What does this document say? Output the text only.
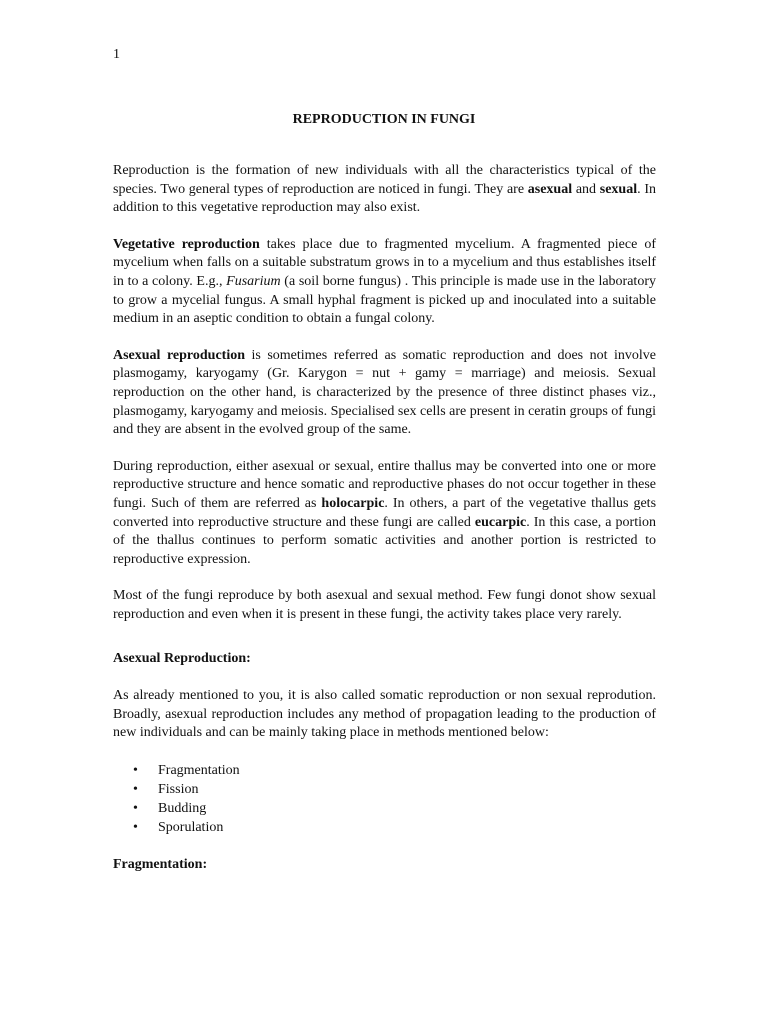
1
REPRODUCTION IN FUNGI

Reproduction is the formation of new individuals with all the characteristics typical of the species. Two general types of reproduction are noticed in fungi. They are asexual and sexual. In addition to this vegetative reproduction may also exist.

Vegetative reproduction takes place due to fragmented mycelium. A fragmented piece of mycelium when falls on a suitable substratum grows in to a mycelium and thus establishes itself in to a colony. E.g., Fusarium (a soil borne fungus) . This principle is made use in the laboratory to grow a mycelial fungus. A small hyphal fragment is picked up and inoculated into a suitable medium in an aseptic condition to obtain a fungal colony.

Asexual reproduction is sometimes referred as somatic reproduction and does not involve plasmogamy, karyogamy (Gr. Karygon = nut + gamy = marriage) and meiosis. Sexual reproduction on the other hand, is characterized by the presence of three distinct phases viz., plasmogamy, karyogamy and meiosis. Specialised sex cells are present in ceratin groups of fungi and they are absent in the evolved group of the same.

During reproduction, either asexual or sexual, entire thallus may be converted into one or more reproductive structure and hence somatic and reproductive phases do not occur together in these fungi. Such of them are referred as holocarpic. In others, a part of the vegetative thallus gets converted into reproductive structure and these fungi are called eucarpic. In this case, a portion of the thallus continues to perform somatic activities and another portion is restricted to reproductive expression.

Most of the fungi reproduce by both asexual and sexual method. Few fungi donot show sexual reproduction and even when it is present in these fungi, the activity takes place very rarely.

Asexual Reproduction:

As already mentioned to you, it is also called somatic reproduction or non sexual reprodution. Broadly, asexual reproduction includes any method of propagation leading to the production of new individuals and can be mainly taking place in methods mentioned below:

• Fragmentation
• Fission
• Budding
• Sporulation

Fragmentation:
